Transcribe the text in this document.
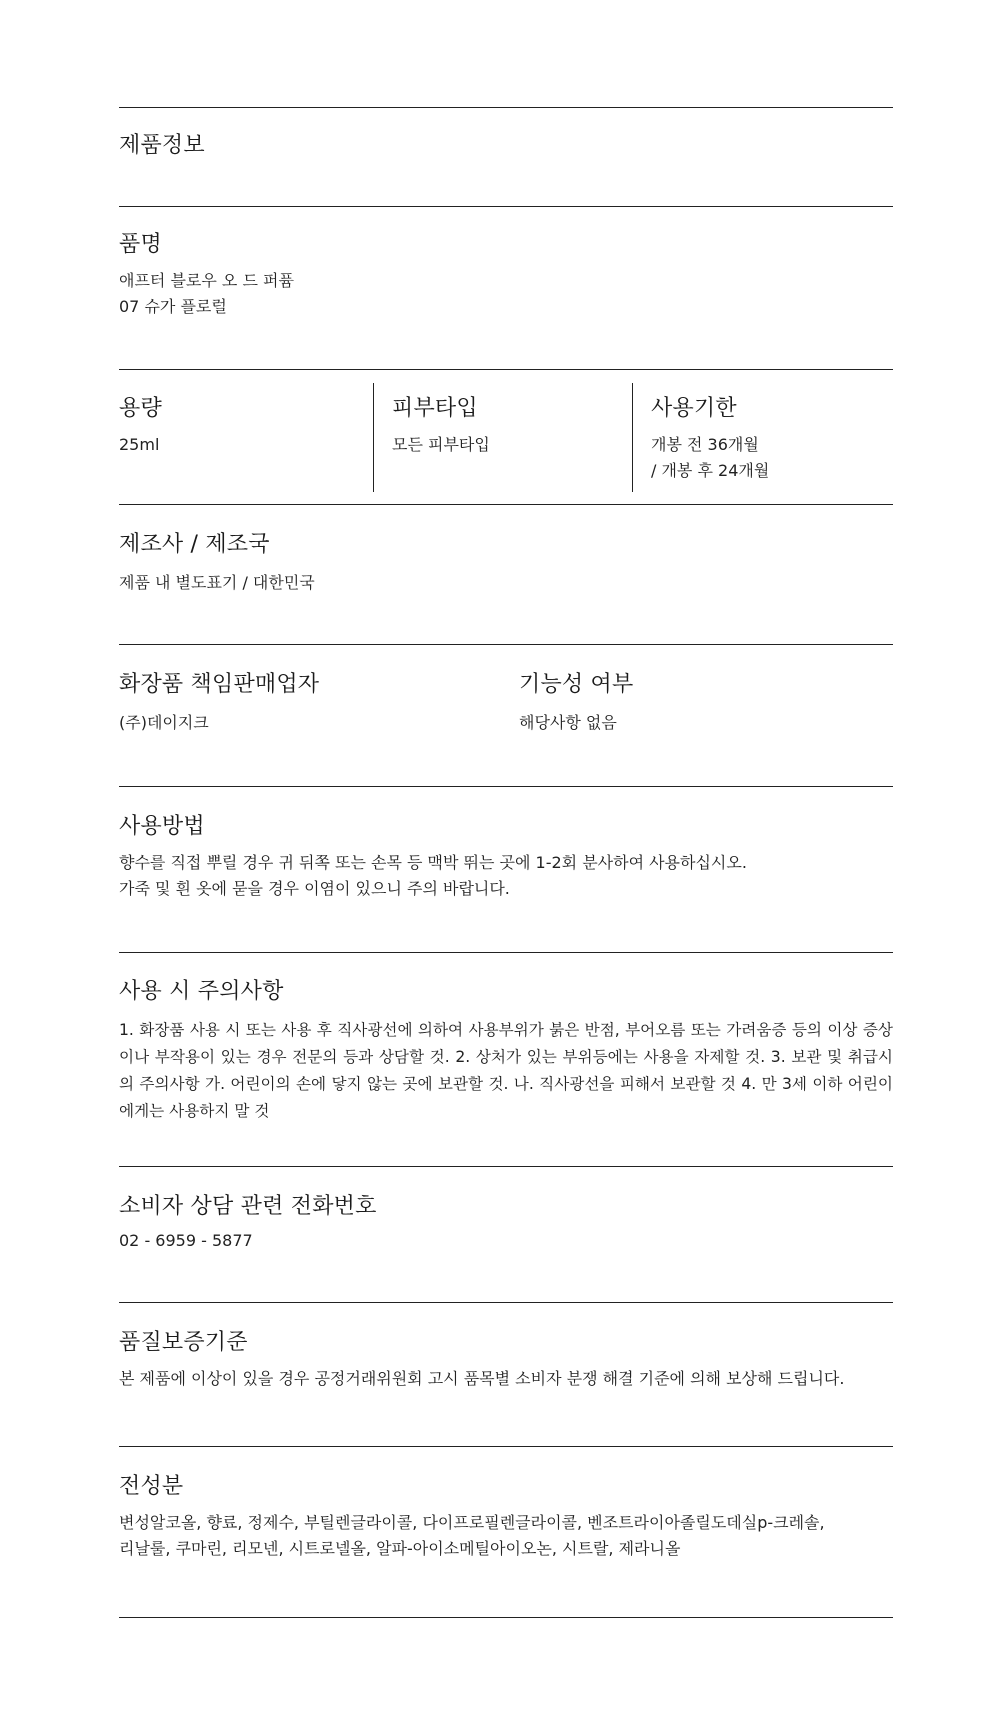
제품정보

품명

애프터 블로우 오 드 퍼퓸
07 슈가 플로럴

용량

25ml

피부타입

모든 피부타입

사용기한

개봉 전 36개월
/ 개봉 후 24개월

제조사 / 제조국

제품 내 별도표기 / 대한민국

화장품 책임판매업자

(주)데이지크

기능성 여부

해당사항 없음

사용방법

향수를 직접 뿌릴 경우 귀 뒤쪽 또는 손목 등 맥박 뛰는 곳에 1-2회 분사하여 사용하십시오.
가죽 및 흰 옷에 묻을 경우 이염이 있으니 주의 바랍니다.

사용 시 주의사항

1. 화장품 사용 시 또는 사용 후 직사광선에 의하여 사용부위가 붉은 반점, 부어오름 또는 가려움증 등의 이상 증상이나 부작용이 있는 경우 전문의 등과 상담할 것. 2. 상처가 있는 부위등에는 사용을 자제할 것. 3. 보관 및 취급시의 주의사항 가. 어린이의 손에 닿지 않는 곳에 보관할 것. 나. 직사광선을 피해서 보관할 것 4. 만 3세 이하 어린이에게는 사용하지 말 것

소비자 상담 관련 전화번호

02 - 6959 - 5877

품질보증기준

본 제품에 이상이 있을 경우 공정거래위원회 고시 품목별 소비자 분쟁 해결 기준에 의해 보상해 드립니다.

전성분

변성알코올, 향료, 정제수, 부틸렌글라이콜, 다이프로필렌글라이콜, 벤조트라이아졸릴도데실p-크레솔,
리날룰, 쿠마린, 리모넨, 시트로넬올, 알파-아이소메틸아이오논, 시트랄, 제라니올
